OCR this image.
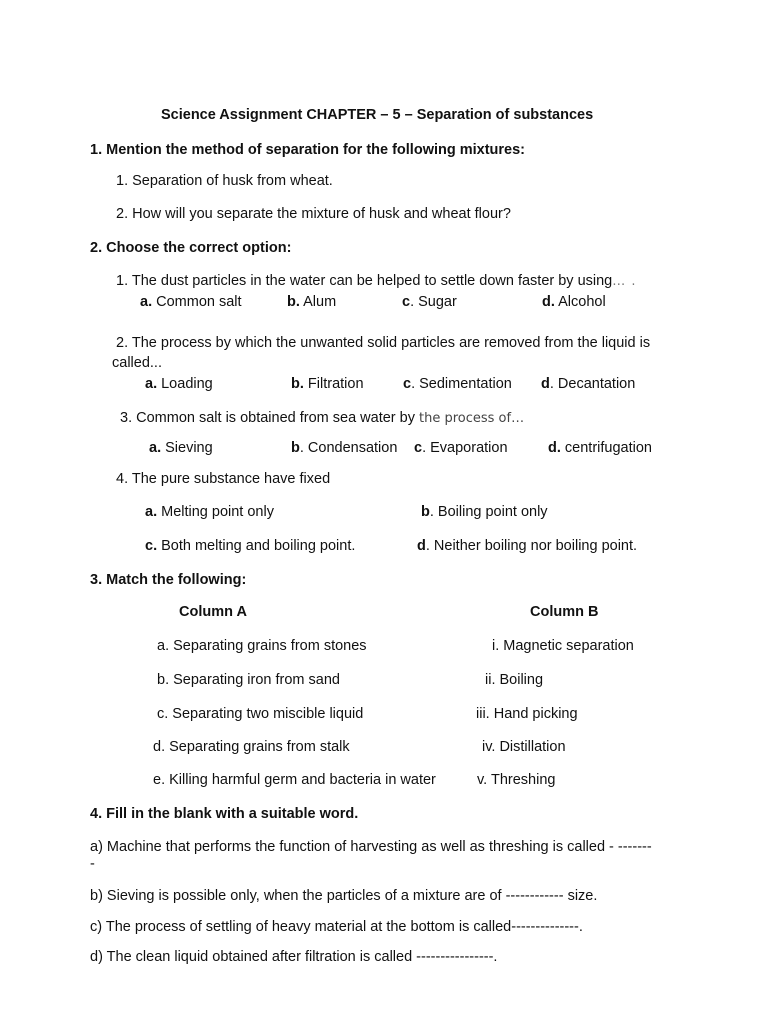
Science Assignment CHAPTER – 5 – Separation of substances
1. Mention the method of separation for the following mixtures:
1. Separation of husk from wheat.
2. How will you separate the mixture of husk and wheat flour?
2. Choose the correct option:
1. The dust particles in the water can be helped to settle down faster by using… .
a. Common salt	b. Alum	c. Sugar	d. Alcohol
2. The process by which the unwanted solid particles are removed from the liquid is
called...
a. Loading	b. Filtration	c. Sedimentation d. Decantation
3. Common salt is obtained from sea water by the process of…
a. Sieving	b. Condensation c. Evaporation	d. centrifugation
4. The pure substance have fixed
a. Melting point only	b. Boiling point only
c. Both melting and boiling point.	d. Neither boiling nor boiling point.
3. Match the following:
Column A	Column B
a. Separating grains from stones	i. Magnetic separation
b. Separating iron from sand	ii. Boiling
c. Separating two miscible liquid	iii. Hand picking
d. Separating grains from stalk	iv. Distillation
e. Killing harmful germ and bacteria in water	v. Threshing
4. Fill in the blank with a suitable word.
a) Machine that performs the function of harvesting as well as threshing is called - -------
-
b) Sieving is possible only, when the particles of a mixture are of ------------ size.
c) The process of settling of heavy material at the bottom is called--------------.
d) The clean liquid obtained after filtration is called ----------------.
